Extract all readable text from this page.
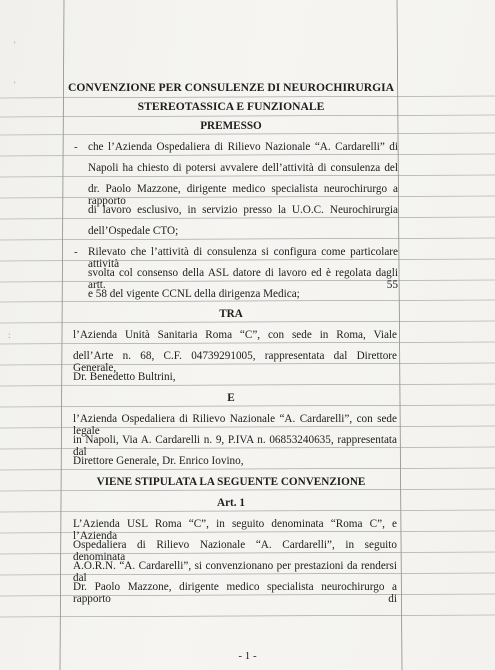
'
'
:
CONVENZIONE PER CONSULENZE DI NEUROCHIRURGIA
STEREOTASSICA E FUNZIONALE
PREMESSO
- che l’Azienda Ospedaliera di Rilievo Nazionale “A. Cardarelli” di
Napoli ha chiesto di potersi avvalere dell’attività di consulenza del
dr. Paolo Mazzone, dirigente medico specialista neurochirurgo a rapporto
di lavoro esclusivo, in servizio presso la U.O.C. Neurochirurgia
dell’Ospedale CTO;
- Rilevato che l’attività di consulenza si configura come particolare attività
svolta col consenso della ASL datore di lavoro ed è regolata dagli artt. 55
e 58 del vigente CCNL della dirigenza Medica;
TRA
l’Azienda Unità Sanitaria Roma “C”, con sede in Roma, Viale
dell’Arte n. 68, C.F. 04739291005, rappresentata dal Direttore Generale,
Dr. Benedetto Bultrini,
E
l’Azienda Ospedaliera di Rilievo Nazionale “A. Cardarelli”, con sede legale
in Napoli, Via A. Cardarelli n. 9, P.IVA n. 06853240635, rappresentata dal
Direttore Generale, Dr. Enrico Iovino,
VIENE STIPULATA LA SEGUENTE CONVENZIONE
Art. 1
L’Azienda USL Roma “C”, in seguito denominata “Roma C”, e l’Azienda
Ospedaliera di Rilievo Nazionale “A. Cardarelli”, in seguito denominata
A.O.R.N. “A. Cardarelli”, si convenzionano per prestazioni da rendersi dal
Dr. Paolo Mazzone, dirigente medico specialista neurochirurgo a rapporto di
- 1 -
